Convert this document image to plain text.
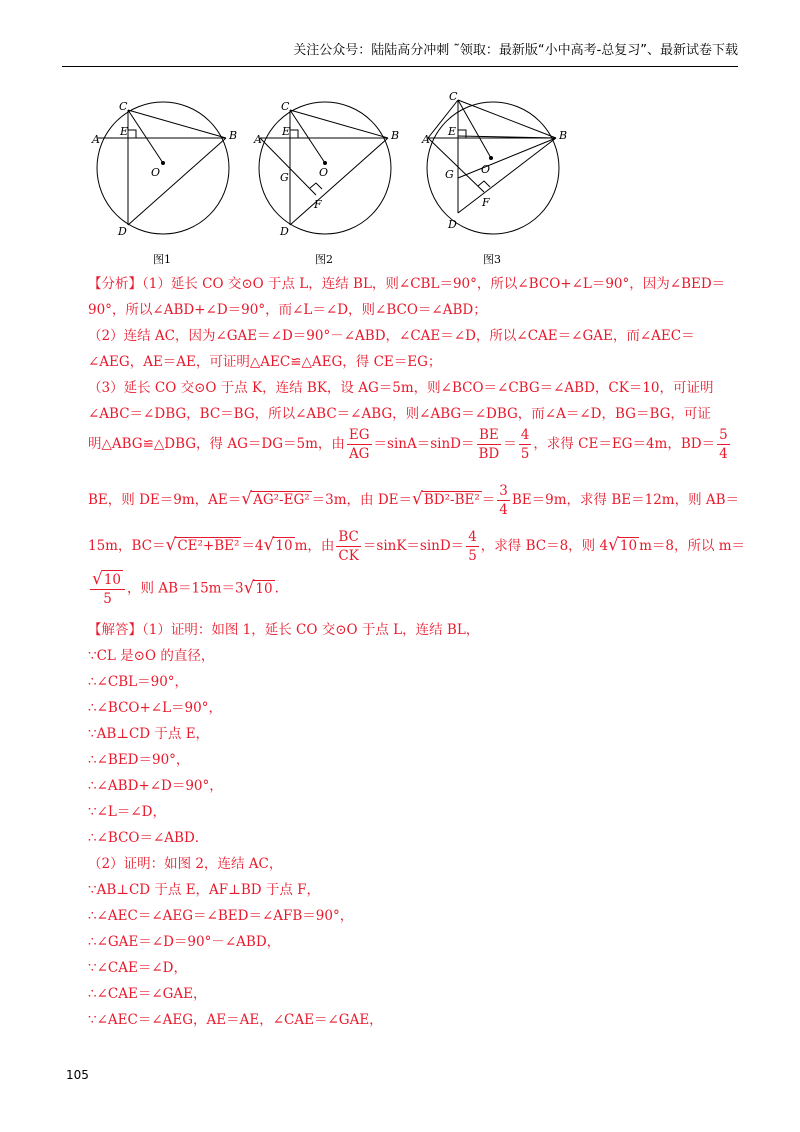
关注公众号：陆陆高分冲刺 ˜领取：最新版“小中高考-总复习”、最新试卷下载
A	B
C
D
E
O
图1
A	B
C
D
E
G
F
O
图2
A	B
C
D
E
G
F
O
图3
【分析】（1）延长 CO 交⊙O 于点 L，连结 BL，则∠CBL＝90°，所以∠BCO+∠L＝90°，因为∠BED＝
90°，所以∠ABD+∠D＝90°，而∠L＝∠D，则∠BCO＝∠ABD；
（2）连结 AC，因为∠GAE＝∠D＝90°－∠ABD，∠CAE＝∠D，所以∠CAE＝∠GAE，而∠AEC＝
∠AEG，AE＝AE，可证明△AEC≌△AEG，得 CE＝EG；
（3）延长 CO 交⊙O 于点 K，连结 BK，设 AG＝5m，则∠BCO＝∠CBG＝∠ABD，CK＝10，可证明
∠ABC＝∠DBG，BC＝BG，所以∠ABC＝∠ABG，则∠ABG＝∠DBG，而∠A＝∠D，BG＝BG，可证
明△ABG≌△DBG，得 AG＝DG＝5m，由 $\frac{EG}{AG} =\sin A=\sin D= \frac{BE}{BD} = \frac{4}{5}$ ，求得 CE＝EG＝4m，$BD= \frac{5}{4}$
BE，则 DE＝9m，AE＝√AG²-EG² ＝3m，由 $DE=√BD^2-BE^2 = \frac{3}{4} BE=9m$，求得 BE＝12m，则 AB＝
15m，BC＝√CE²+BE² ＝4√10 m，由 $\frac{BC}{CK} =\sin K=\sin D= \frac{4}{5}$ ，求得 BC＝8，则 4√10 m＝8，所以 m＝
$\frac{√10}{5}$ ，则 AB＝15m＝3√10 .
【解答】（1）证明：如图 1，延长 CO 交⊙O 于点 L，连结 BL，
∵CL 是⊙O 的直径，
∴∠CBL＝90°，
∴∠BCO+∠L＝90°，
∵AB⊥CD 于点 E，
∴∠BED＝90°，
∴∠ABD+∠D＝90°，
∵∠L＝∠D，
∴∠BCO＝∠ABD．
（2）证明：如图 2，连结 AC，
∵AB⊥CD 于点 E，AF⊥BD 于点 F，
∴∠AEC＝∠AEG＝∠BED＝∠AFB＝90°，
∴∠GAE＝∠D＝90°－∠ABD，
∵∠CAE＝∠D，
∴∠CAE＝∠GAE，
∵∠AEC＝∠AEG，AE＝AE，∠CAE＝∠GAE，
105
